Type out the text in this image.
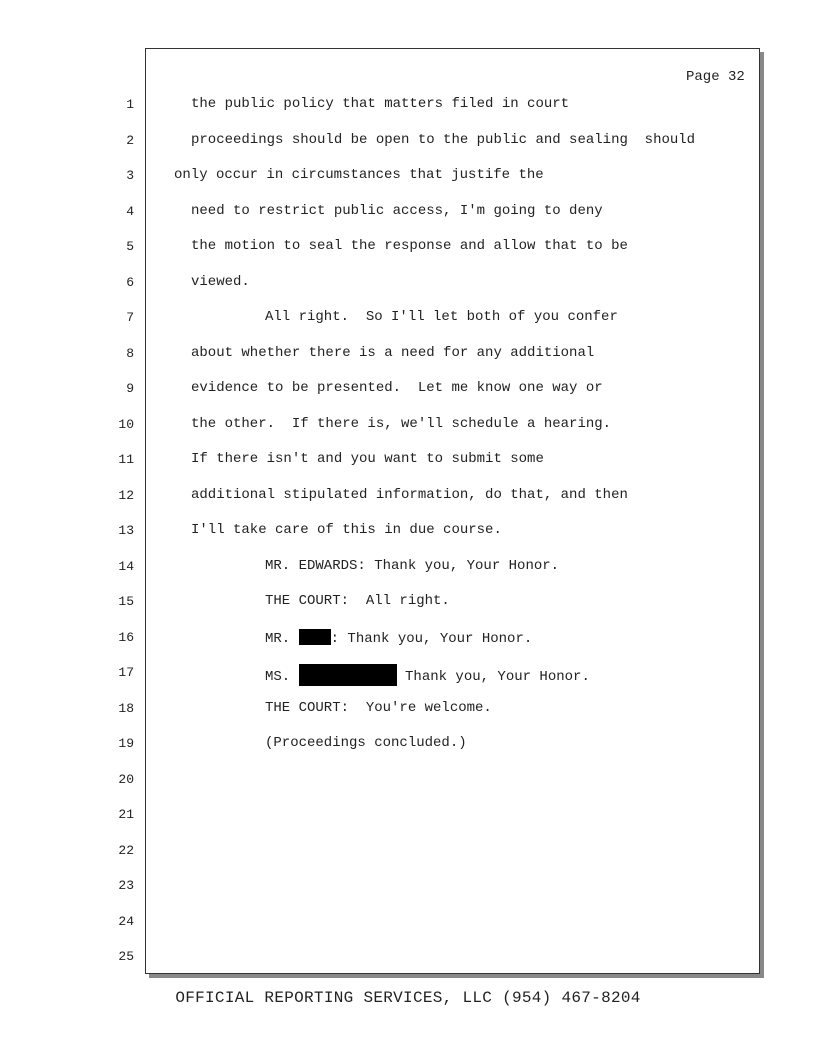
Page 32
1
2
3
4
5
6
7
8
9
10
11
12
13
14
15
16
17
18
19
20
21
22
23
24
25
the public policy that matters filed in court
proceedings should be open to the public and sealing  should
only occur in circumstances that justife the
need to restrict public access, I'm going to deny
the motion to seal the response and allow that to be
viewed.
All right.  So I'll let both of you confer
about whether there is a need for any additional
evidence to be presented.  Let me know one way or
the other.  If there is, we'll schedule a hearing.
If there isn't and you want to submit some
additional stipulated information, do that, and then
I'll take care of this in due course.
MR. EDWARDS: Thank you, Your Honor.
THE COURT:  All right.
MR. : Thank you, Your Honor.
MS.	Thank you, Your Honor.
THE COURT:  You're welcome.
(Proceedings concluded.)
OFFICIAL REPORTING SERVICES, LLC (954) 467-8204
